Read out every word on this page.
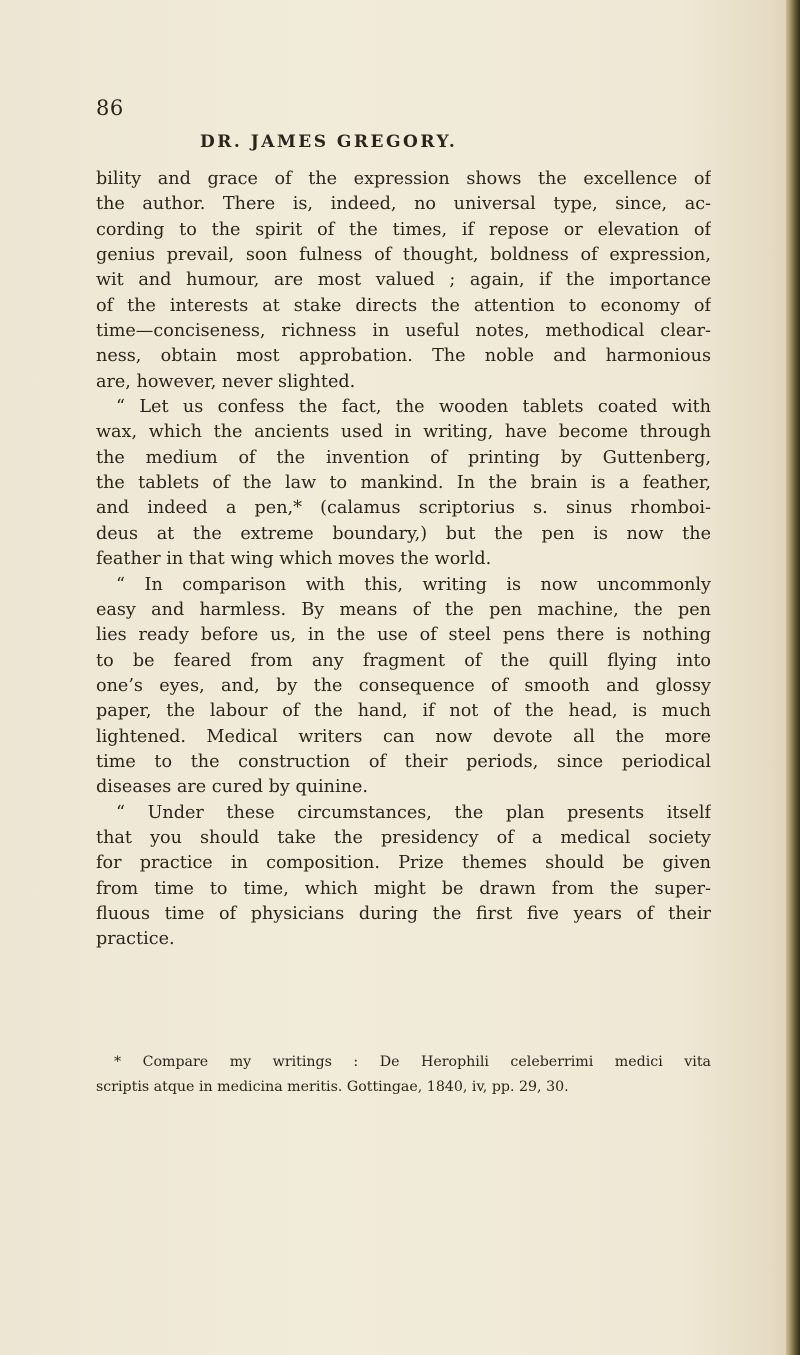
86
DR. JAMES GREGORY.
bility and grace of the expression shows the excellence of
the author. There is, indeed, no universal type, since, ac-
cording to the spirit of the times, if repose or elevation of
genius prevail, soon fulness of thought, boldness of expression,
wit and humour, are most valued ; again, if the importance
of the interests at stake directs the attention to economy of
time—conciseness, richness in useful notes, methodical clear-
ness, obtain most approbation. The noble and harmonious
are, however, never slighted.
“ Let us confess the fact, the wooden tablets coated with
wax, which the ancients used in writing, have become through
the medium of the invention of printing by Guttenberg,
the tablets of the law to mankind. In the brain is a feather,
and indeed a pen,* (calamus scriptorius s. sinus rhomboi-
deus at the extreme boundary,) but the pen is now the
feather in that wing which moves the world.
“ In comparison with this, writing is now uncommonly
easy and harmless. By means of the pen machine, the pen
lies ready before us, in the use of steel pens there is nothing
to be feared from any fragment of the quill flying into
one’s eyes, and, by the consequence of smooth and glossy
paper, the labour of the hand, if not of the head, is much
lightened. Medical writers can now devote all the more
time to the construction of their periods, since periodical
diseases are cured by quinine.
“ Under these circumstances, the plan presents itself
that you should take the presidency of a medical society
for practice in composition. Prize themes should be given
from time to time, which might be drawn from the super-
fluous time of physicians during the first five years of their
practice.
* Compare my writings : De Herophili celeberrimi medici vita
scriptis atque in medicina meritis. Gottingae, 1840, iv, pp. 29, 30.
